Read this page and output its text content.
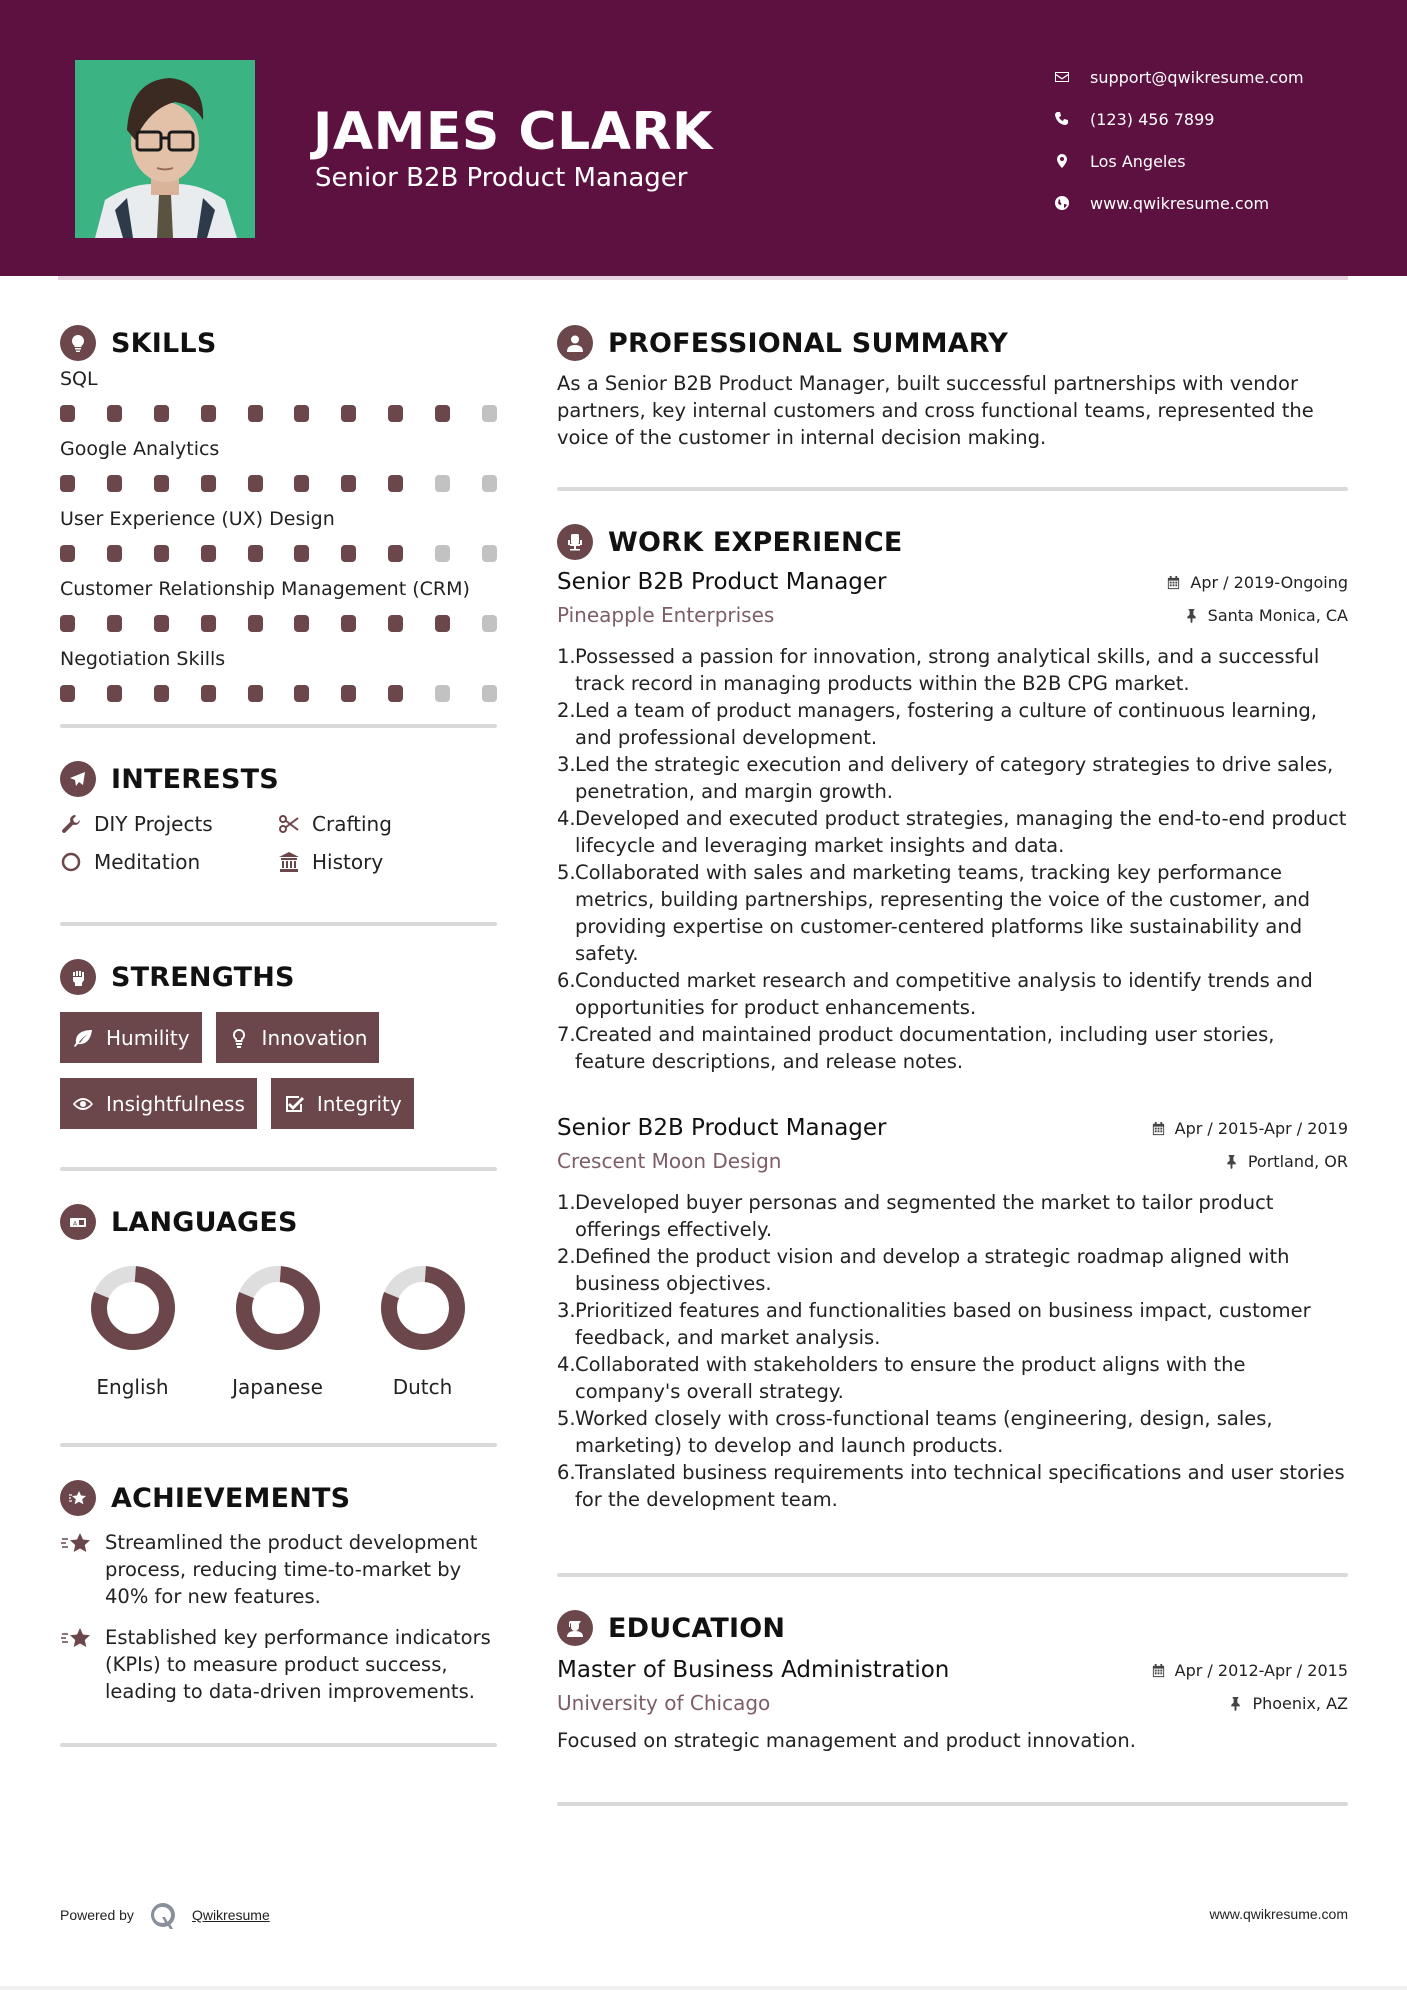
JAMES CLARK
Senior B2B Product Manager
support@qwikresume.com
(123) 456 7899
Los Angeles
www.qwikresume.com
SKILLS
SQL
Google Analytics
User Experience (UX) Design
Customer Relationship Management (CRM)
Negotiation Skills
INTERESTS
DIY Projects	Crafting
Meditation	History
STRENGTHS
Humility	Innovation
Insightfulness	Integrity
A LANGUAGES
English	Japanese	Dutch
ACHIEVEMENTS
Streamlined the product development process, reducing time-to-market by 40% for new features.
Established key performance indicators (KPIs) to measure product success, leading to data-driven improvements.
PROFESSIONAL SUMMARY

As a Senior B2B Product Manager, built successful partnerships with vendor partners, key internal customers and cross functional teams, represented the voice of the customer in internal decision making.

WORK EXPERIENCE
Senior B2B Product Manager	Apr / 2019-Ongoing
Pineapple Enterprises	Santa Monica, CA
1. Possessed a passion for innovation, strong analytical skills, and a successful track record in managing products within the B2B CPG market.
2. Led a team of product managers, fostering a culture of continuous learning, and professional development.
3. Led the strategic execution and delivery of category strategies to drive sales, penetration, and margin growth.
4. Developed and executed product strategies, managing the end-to-end product lifecycle and leveraging market insights and data.
5. Collaborated with sales and marketing teams, tracking key performance metrics, building partnerships, representing the voice of the customer, and providing expertise on customer-centered platforms like sustainability and safety.
6. Conducted market research and competitive analysis to identify trends and opportunities for product enhancements.
7. Created and maintained product documentation, including user stories, feature descriptions, and release notes.
Senior B2B Product Manager	Apr / 2015-Apr / 2019
Crescent Moon Design	Portland, OR
1. Developed buyer personas and segmented the market to tailor product offerings effectively.
2. Defined the product vision and develop a strategic roadmap aligned with business objectives.
3. Prioritized features and functionalities based on business impact, customer feedback, and market analysis.
4. Collaborated with stakeholders to ensure the product aligns with the company's overall strategy.
5. Worked closely with cross-functional teams (engineering, design, sales, marketing) to develop and launch products.
6. Translated business requirements into technical specifications and user stories for the development team.
EDUCATION
Master of Business Administration	Apr / 2012-Apr / 2015
University of Chicago	Phoenix, AZ

Focused on strategic management and product innovation.

Powered by	Qwikresume	www.qwikresume.com
